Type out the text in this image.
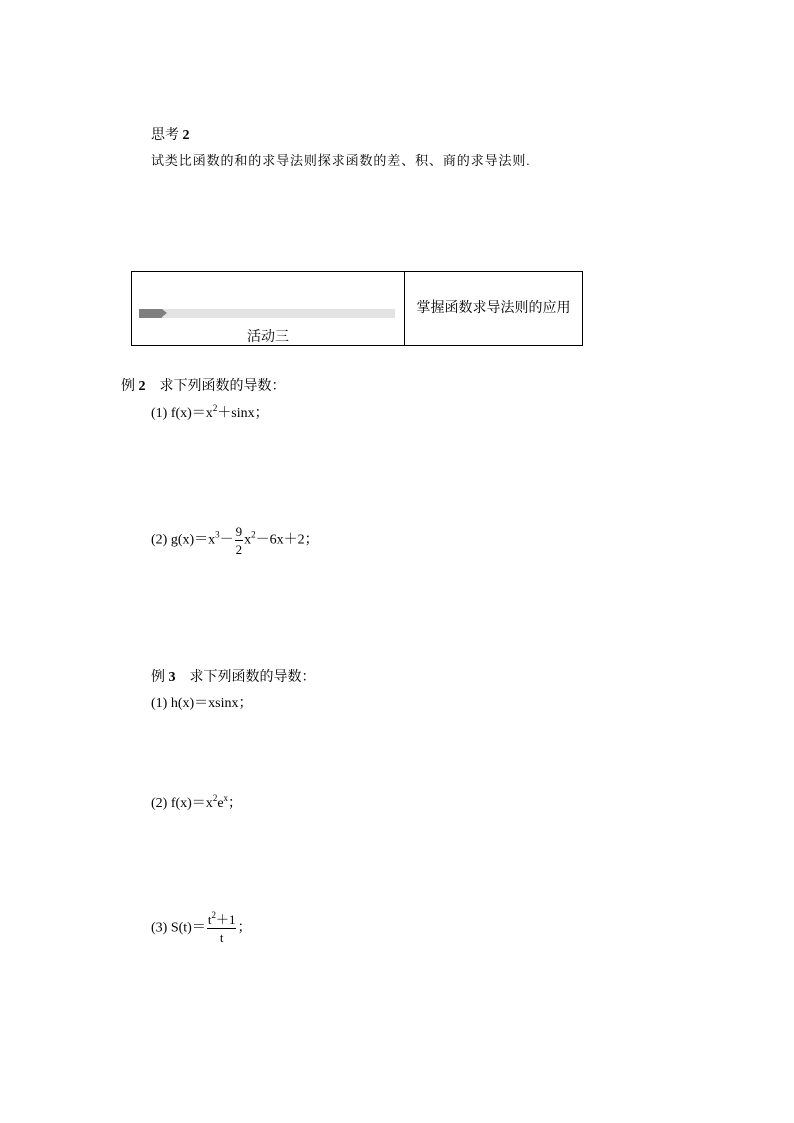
思考 2
试类比函数的和的求导法则探求函数的差、积、商的求导法则.
活动三
掌握函数求导法则的应用
例 2 求下列函数的导数：
(1) $f(x)=x^2+\sin x$；
(2) $g(x)=x^3- \frac{9}{2} x^2-6x+2$；
例 3 求下列函数的导数：
(1) h(x)＝xsinx；
(2) $f(x)=x^2e^x$；
(3) $S(t)= \frac{t^2+1}{t}$ ；
